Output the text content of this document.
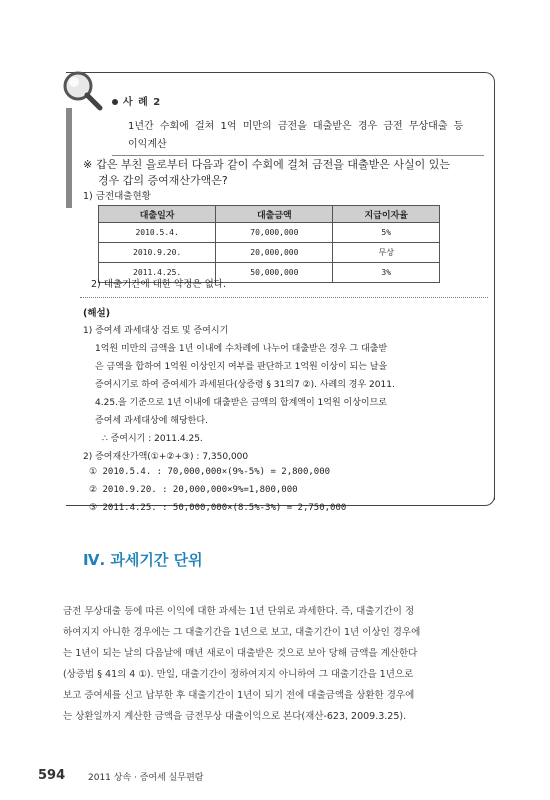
사 례 2
1년간 수회에 걸쳐 1억 미만의 금전을 대출받은 경우 금전 무상대출 등
이익계산
※ 갑은 부친 을로부터 다음과 같이 수회에 걸쳐 금전을 대출받은 사실이 있는
경우 갑의 증여재산가액은?
1) 금전대출현황
대출일자	대출금액	지급이자율
2010.5.4.	70,000,000	5%
2010.9.20.	20,000,000	무상
2011.4.25.	50,000,000	3%
2) 대출기간에 대한 약정은 없다.
(해설)
1) 증여세 과세대상 검토 및 증여시기
1억원 미만의 금액을 1년 이내에 수차례에 나누어 대출받은 경우 그 대출받
은 금액을 합하여 1억원 이상인지 여부를 판단하고 1억원 이상이 되는 날을
증여시기로 하여 증여세가 과세된다(상증령 § 31의7 ②). 사례의 경우 2011.
4.25.을 기준으로 1년 이내에 대출받은 금액의 합계액이 1억원 이상이므로
증여세 과세대상에 해당한다.
∴ 증여시기 : 2011.4.25.
2) 증여재산가액(①+②+③) : 7,350,000
① 2010.5.4. : 70,000,000×(9%-5%) = 2,800,000
② 2010.9.20. : 20,000,000×9%=1,800,000
③ 2011.4.25. : 50,000,000×(8.5%-3%) = 2,750,000
Ⅳ. 과세기간 단위
금전 무상대출 등에 따른 이익에 대한 과세는 1년 단위로 과세한다. 즉, 대출기간이 정
하여지지 아니한 경우에는 그 대출기간을 1년으로 보고, 대출기간이 1년 이상인 경우에
는 1년이 되는 날의 다음날에 매년 새로이 대출받은 것으로 보아 당해 금액을 계산한다
(상증법 § 41의 4 ①). 만일, 대출기간이 정하여지지 아니하여 그 대출기간을 1년으로
보고 증여세를 신고 납부한 후 대출기간이 1년이 되기 전에 대출금액을 상환한 경우에
는 상환일까지 계산한 금액을 금전무상 대출이익으로 본다(재산-623, 2009.3.25).
594	2011 상속 · 증여세 실무편람
